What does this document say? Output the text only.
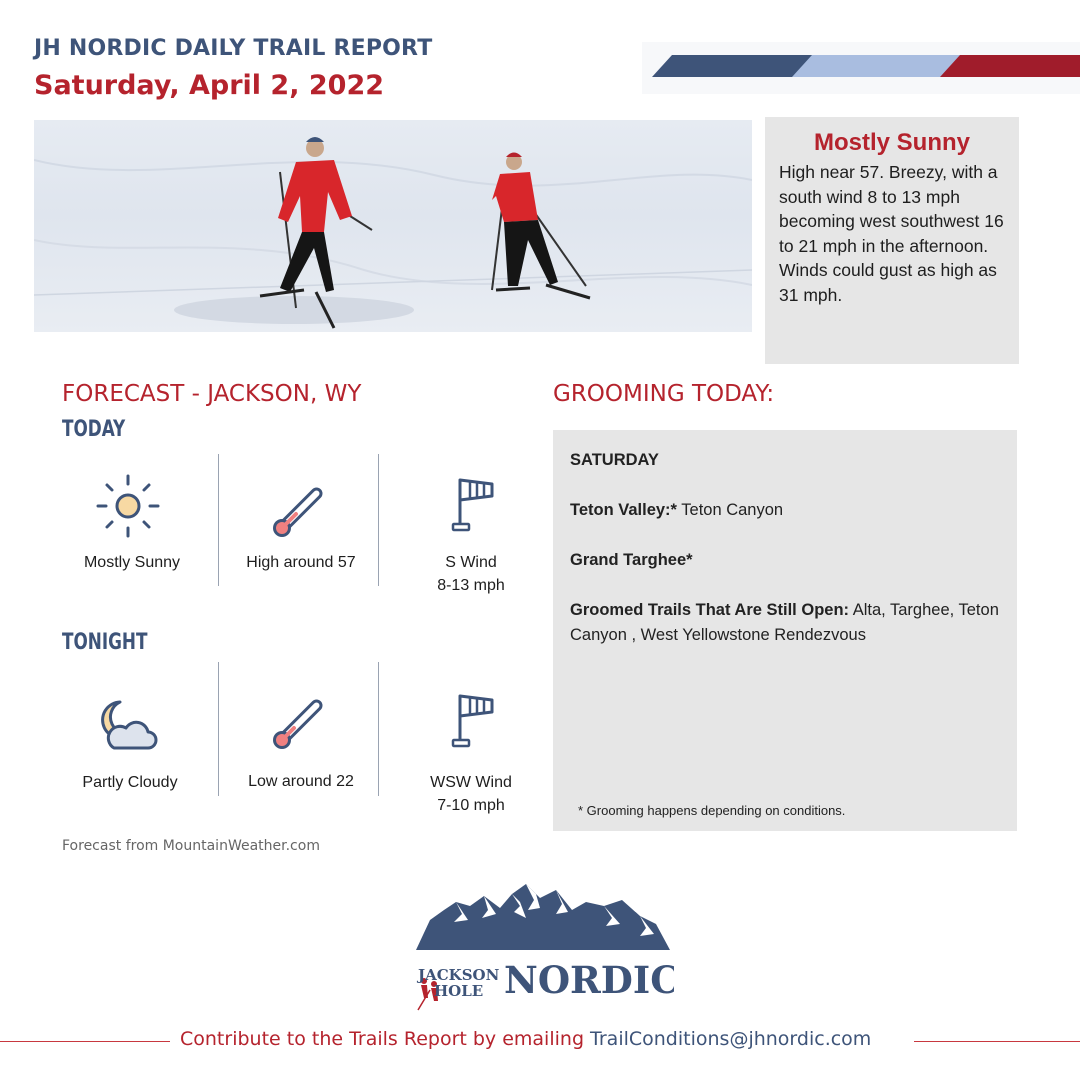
JH NORDIC DAILY TRAIL REPORT
Saturday, April 2, 2022
Mostly Sunny
High near 57. Breezy, with a south wind 8 to 13 mph becoming west southwest 16 to 21 mph in the afternoon. Winds could gust as high as 31 mph.
FORECAST - JACKSON, WY
TODAY
Mostly Sunny	High around 57	S Wind
8-13 mph
TONIGHT
Partly Cloudy	Low around 22	WSW Wind
7-10 mph
Forecast from MountainWeather.com
GROOMING TODAY:
SATURDAY
Teton Valley:* Teton Canyon
Grand Targhee*
Groomed Trails That Are Still Open: Alta, Targhee, Teton Canyon , West Yellowstone Rendezvous
* Grooming happens depending on conditions.
JACKSON
HOLE NORDIC
Contribute to the Trails Report by emailing TrailConditions@jhnordic.com
